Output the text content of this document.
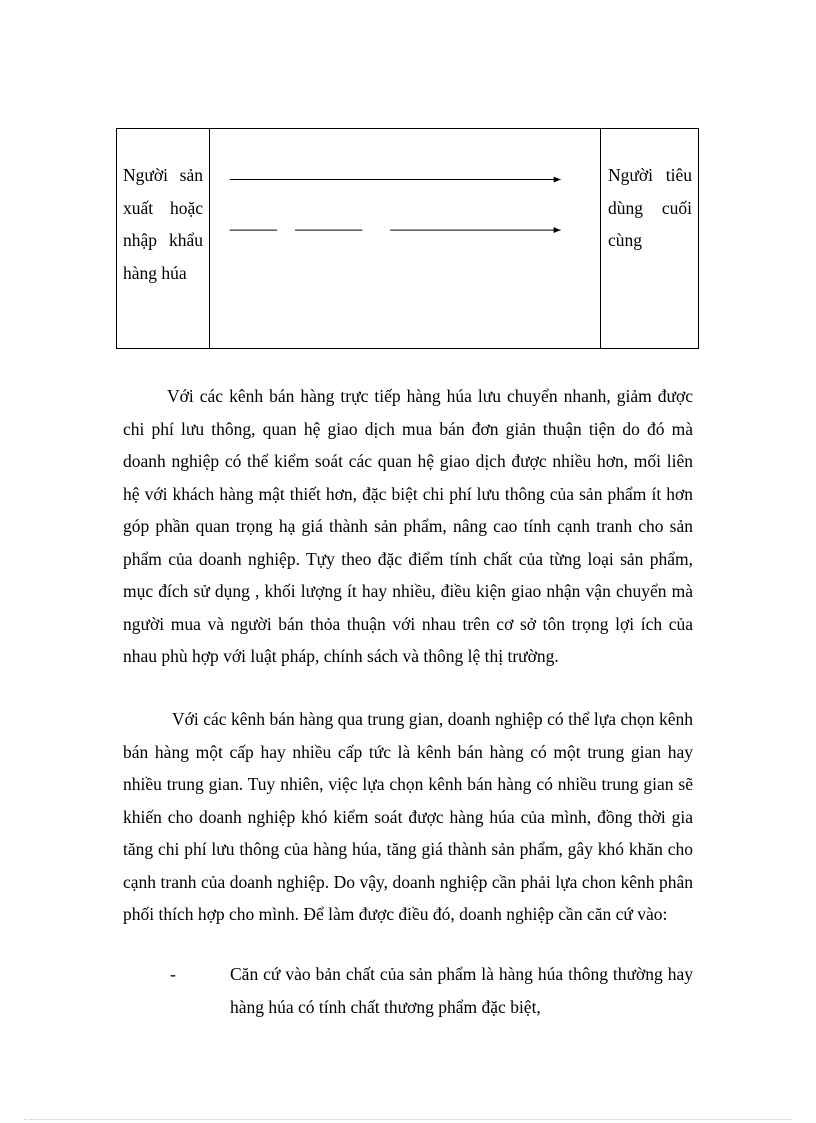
Người sản xuất hoặc nhập khẩu hàng húa

Người tiêu dùng cuối cùng

Với các kênh bán hàng trực tiếp hàng húa lưu chuyển nhanh, giảm được chi phí lưu thông, quan hệ giao dịch mua bán đơn giản thuận tiện do đó mà doanh nghiệp có thể kiểm soát các quan hệ giao dịch được nhiều hơn, mối liên hệ với khách hàng mật thiết hơn, đặc biệt chi phí lưu thông của sản phẩm ít hơn góp phần quan trọng hạ giá thành sản phẩm, nâng cao tính cạnh tranh cho sản phẩm của doanh nghiệp. Tựy theo đặc điểm tính chất của từng loại sản phẩm, mục đích sử dụng , khối lượng ít hay nhiều, điều kiện giao nhận vận chuyển mà người mua và người bán thỏa thuận với nhau trên cơ sở tôn trọng lợi ích của nhau phù hợp với luật pháp, chính sách và thông lệ thị trường.

Với các kênh bán hàng qua trung gian, doanh nghiệp có thể lựa chọn kênh bán hàng một cấp hay nhiều cấp tức là kênh bán hàng có một trung gian hay nhiều trung gian. Tuy nhiên, việc lựa chọn kênh bán hàng có nhiều trung gian sẽ khiến cho doanh nghiệp khó kiểm soát được hàng húa của mình, đồng thời gia tăng chi phí lưu thông của hàng húa, tăng giá thành sản phẩm, gây khó khăn cho cạnh tranh của doanh nghiệp. Do vậy, doanh nghiệp cần phải lựa chon kênh phân phối thích hợp cho mình. Để làm được điều đó, doanh nghiệp cần căn cứ vào:

-	Căn cứ vào bản chất của sản phẩm là hàng húa thông thường hay hàng húa có tính chất thương phẩm đặc biệt,
